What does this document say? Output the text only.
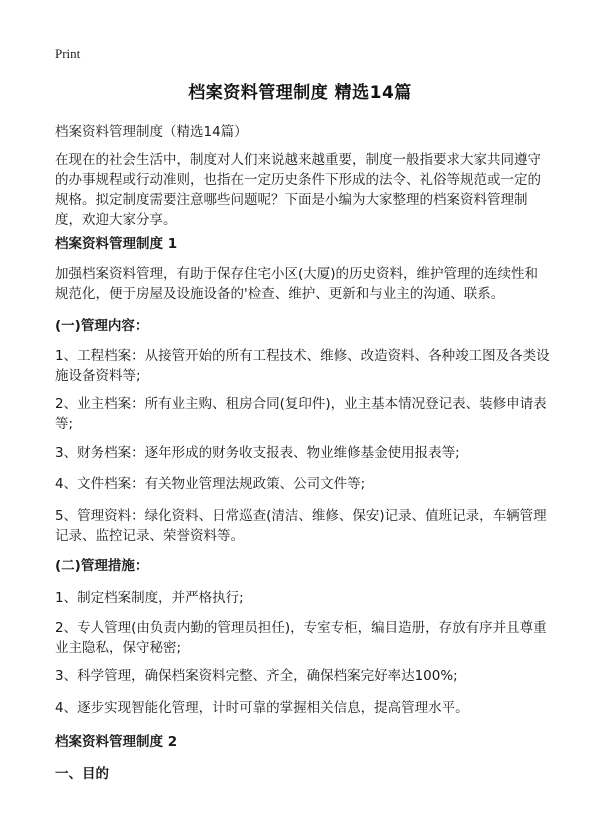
Print
档案资料管理制度 精选14篇
档案资料管理制度（精选14篇）
在现在的社会生活中，制度对人们来说越来越重要，制度一般指要求大家共同遵守的办事规程或行动准则，也指在一定历史条件下形成的法令、礼俗等规范或一定的规格。拟定制度需要注意哪些问题呢？下面是小编为大家整理的档案资料管理制度，欢迎大家分享。
档案资料管理制度 1
加强档案资料管理，有助于保存住宅小区(大厦)的历史资料，维护管理的连续性和规范化，便于房屋及设施设备的'检查、维护、更新和与业主的沟通、联系。
(一)管理内容：
1、工程档案：从接管开始的所有工程技术、维修、改造资料、各种竣工图及各类设施设备资料等;
2、业主档案：所有业主购、租房合同(复印件)，业主基本情况登记表、装修申请表等;
3、财务档案：逐年形成的财务收支报表、物业维修基金使用报表等;
4、文件档案：有关物业管理法规政策、公司文件等;
5、管理资料：绿化资料、日常巡查(清洁、维修、保安)记录、值班记录，车辆管理记录、监控记录、荣誉资料等。
(二)管理措施：
1、制定档案制度，并严格执行;
2、专人管理(由负责内勤的管理员担任)，专室专柜，编目造册，存放有序并且尊重业主隐私，保守秘密;
3、科学管理，确保档案资料完整、齐全，确保档案完好率达100%;
4、逐步实现智能化管理，计时可靠的掌握相关信息，提高管理水平。
档案资料管理制度 2
一、目的
